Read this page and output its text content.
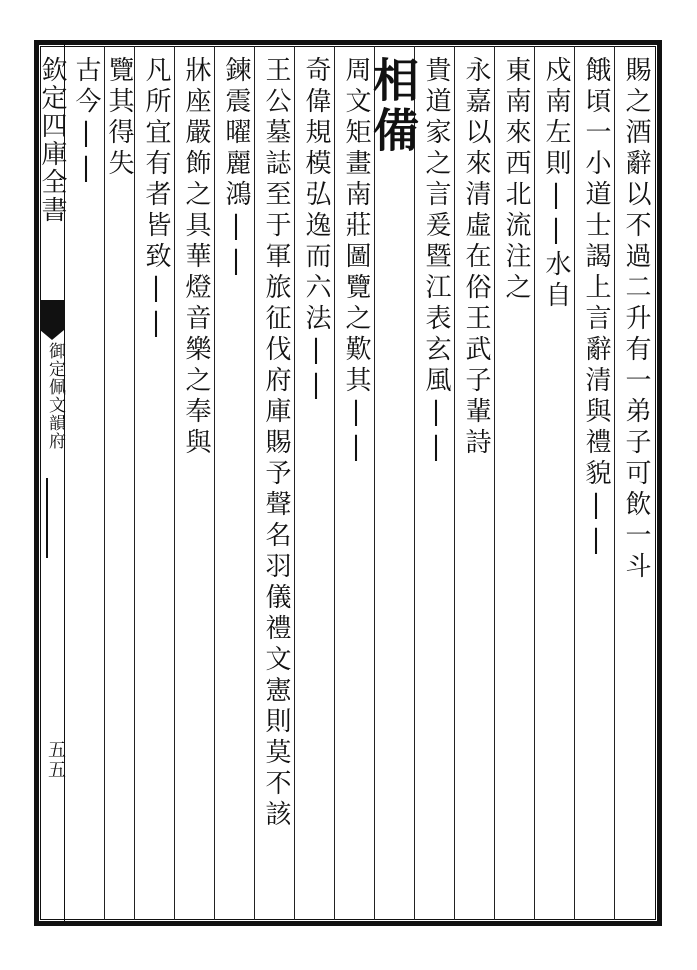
欽定四庫全書
御定佩文韻府
五五
賜之酒辭以不過二升有一弟子可飲一斗
餓頃一小道士謁上言辭清與禮貌||
戍南左則||水自
東南來西北流注之
永嘉以來清虛在俗王武子輩詩
貴道家之言爰暨江表玄風||
相備
周文矩畫南莊圖覽之歎其||
奇偉規模弘逸而六法||
王公墓誌至于軍旅征伐府庫賜予聲名羽儀禮文憲則莫不該
鍊震曜麗鴻||
牀座嚴飾之具華燈音樂之奉與
凡所宜有者皆致||
覽其得失
古今||
